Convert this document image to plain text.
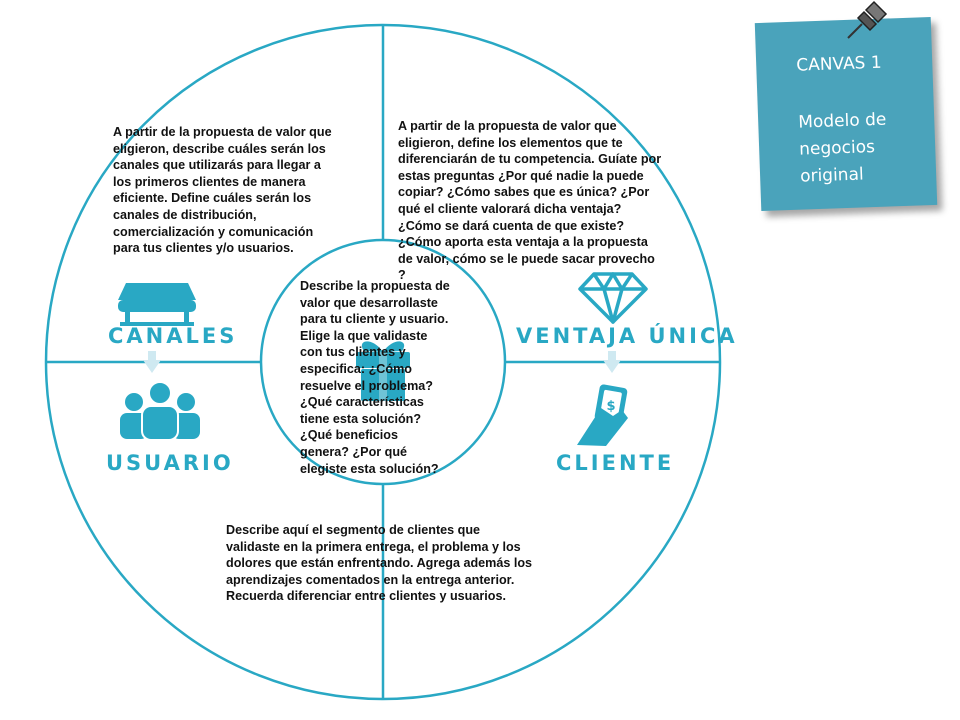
$
CANALES	VENTAJA ÚNICA
USUARIO	CLIENTE
A partir de la propuesta de valor que
eligieron, describe cuáles serán los
canales que utilizarás para llegar a
los primeros clientes de manera
eficiente. Define cuáles serán los
canales de distribución,
comercialización y comunicación
para tus clientes y/o usuarios.
A partir de la propuesta de valor que
eligieron, define los elementos que te
diferenciarán de tu competencia. Guíate por
estas preguntas ¿Por qué nadie la puede
copiar? ¿Cómo sabes que es única? ¿Por
qué el cliente valorará dicha ventaja?
¿Cómo se dará cuenta de que existe?
¿Cómo aporta esta ventaja a la propuesta
de valor, cómo se le puede sacar provecho
?
Describe la propuesta de
valor que desarrollaste
para tu cliente y usuario.
Elige la que validaste
con tus clientes y
especifica: ¿Cómo
resuelve el problema?
¿Qué características
tiene esta solución?
¿Qué beneficios
genera? ¿Por qué
elegiste esta solución?
Describe aquí el segmento de clientes que
validaste en la primera entrega, el problema y los
dolores que están enfrentando. Agrega además los
aprendizajes comentados en la entrega anterior.
Recuerda diferenciar entre clientes y usuarios.
CANVAS 1
Modelo de negocios original
